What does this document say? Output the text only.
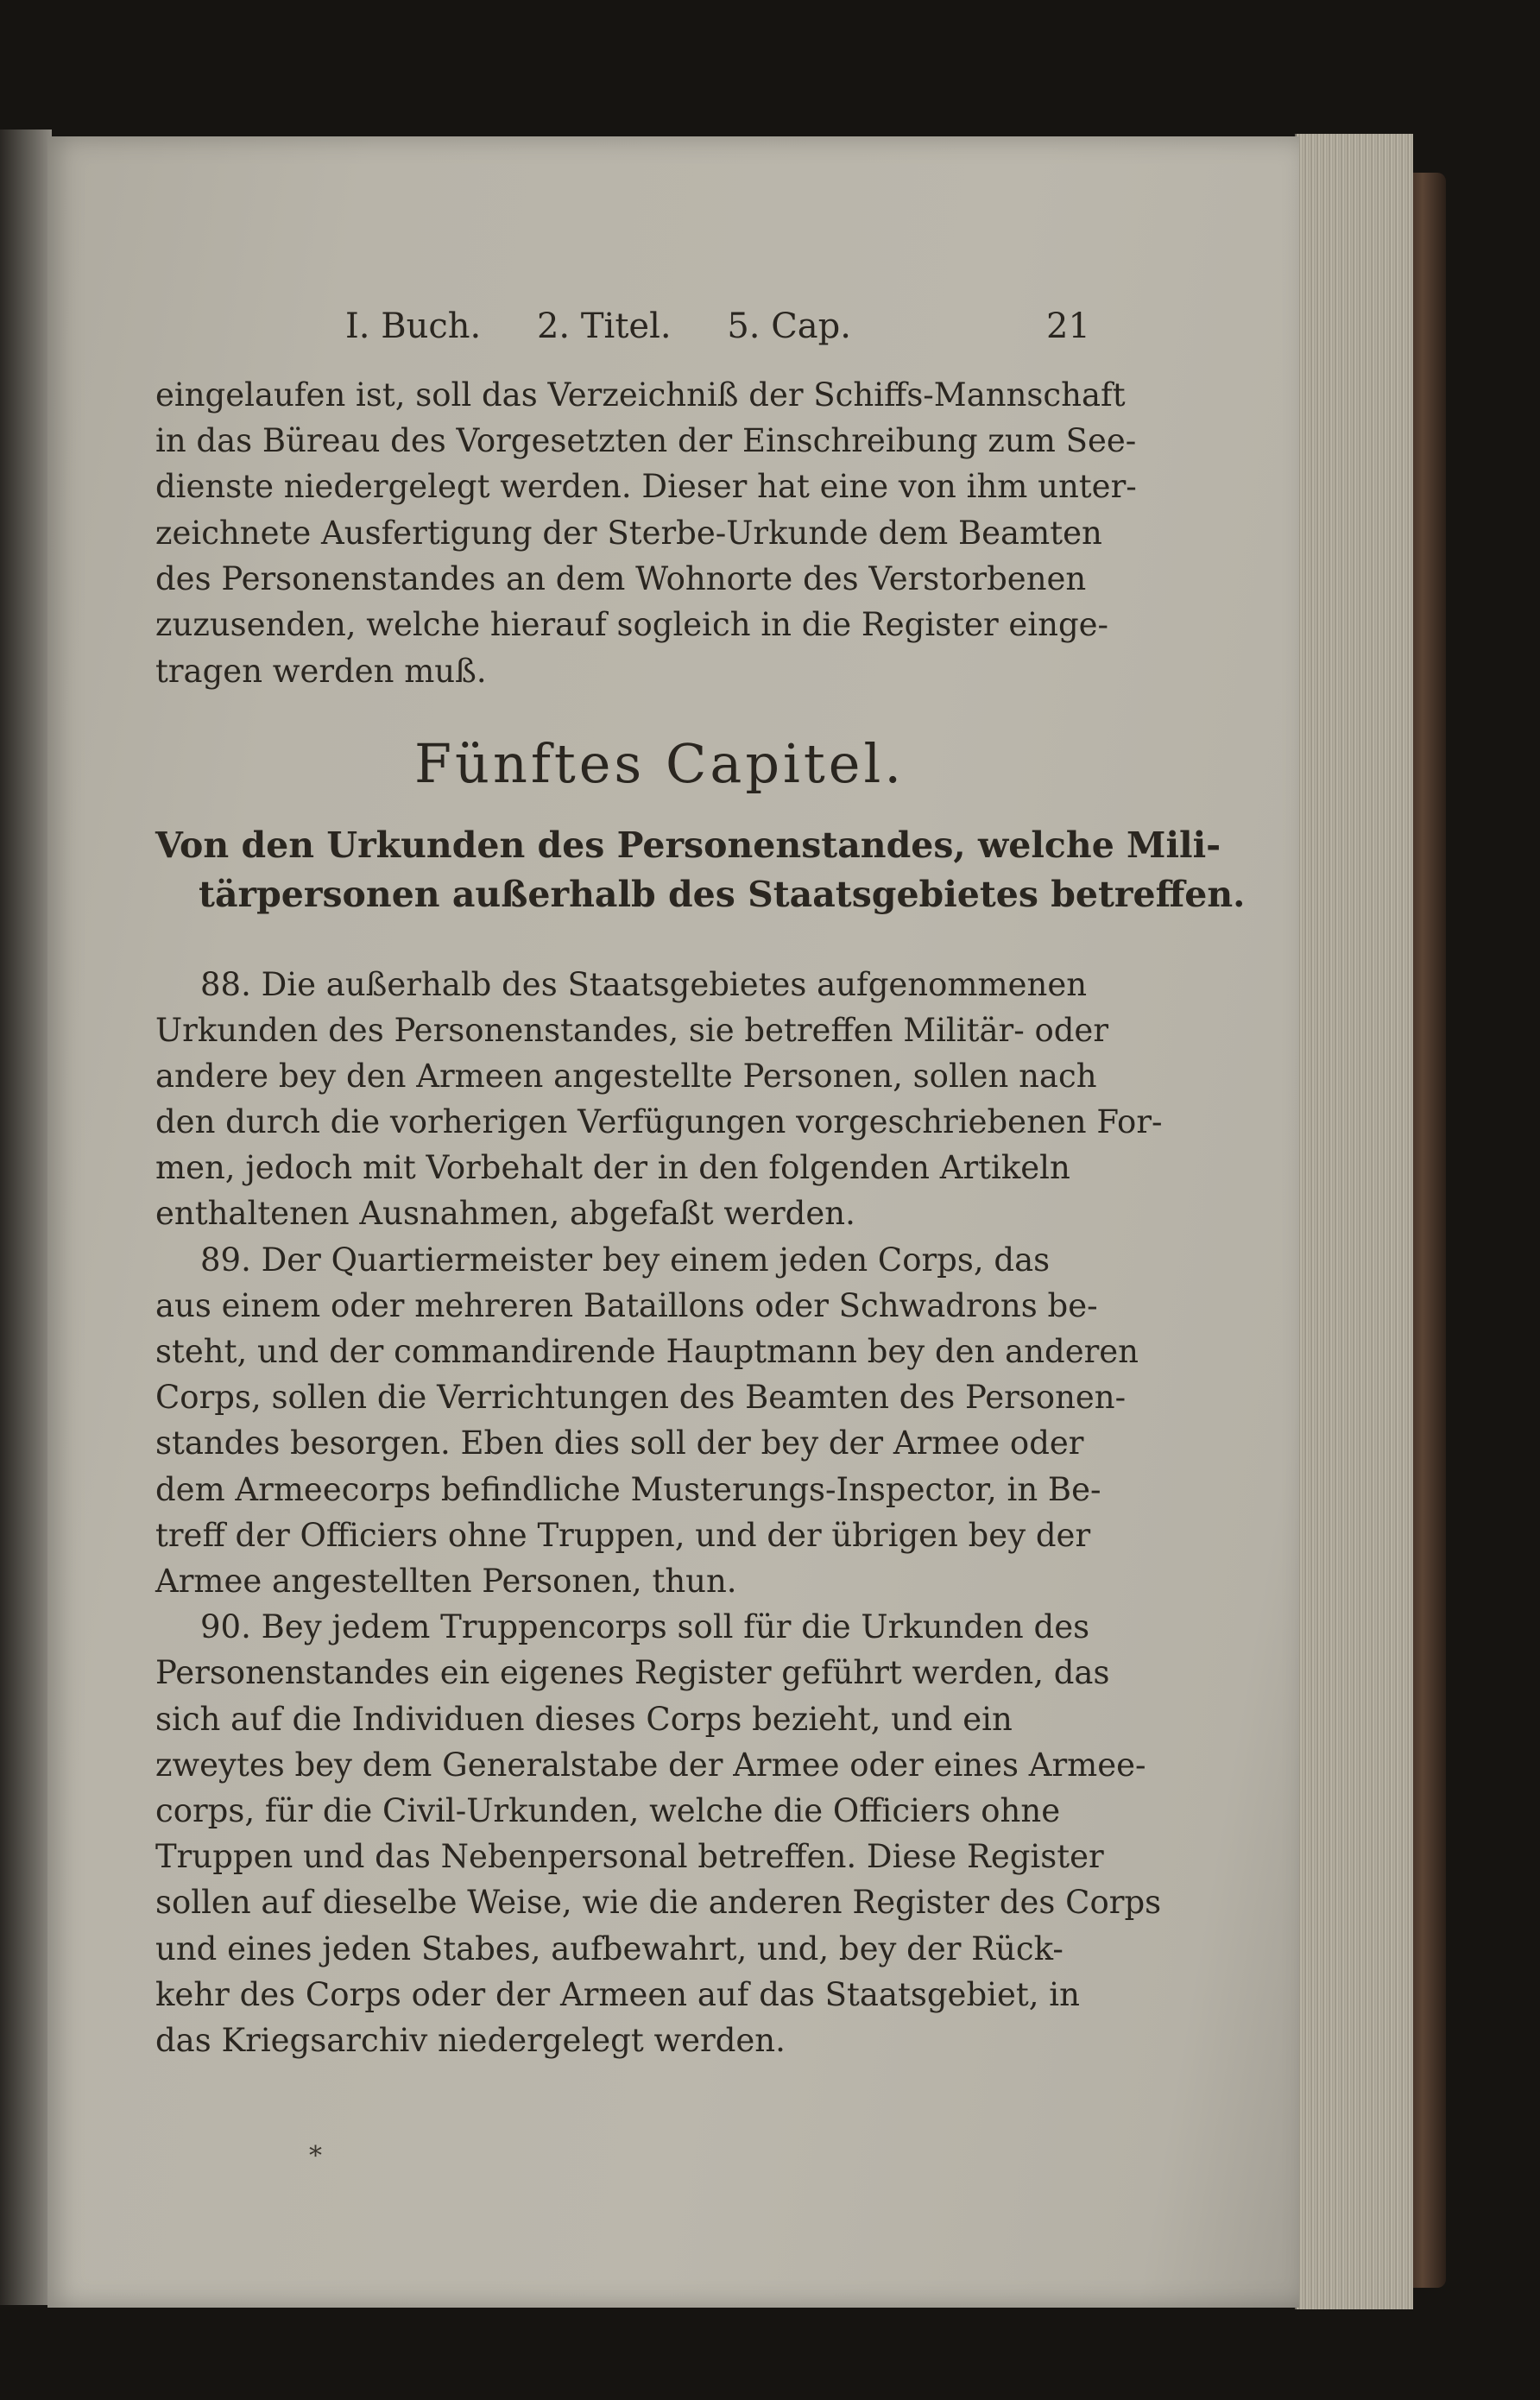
I. Buch. 2. Titel. 5. Cap.	21
eingelaufen ist, soll das Verzeichniß der Schiffs-Mannschaft
in das Büreau des Vorgesetzten der Einschreibung zum See-
dienste niedergelegt werden. Dieser hat eine von ihm unter-
zeichnete Ausfertigung der Sterbe-Urkunde dem Beamten
des Personenstandes an dem Wohnorte des Verstorbenen
zuzusenden, welche hierauf sogleich in die Register einge-
tragen werden muß.
Fünftes Capitel.
Von den Urkunden des Personenstandes, welche Mili-
tärpersonen außerhalb des Staatsgebietes betreffen.
88. Die außerhalb des Staatsgebietes aufgenommenen
Urkunden des Personenstandes, sie betreffen Militär- oder
andere bey den Armeen angestellte Personen, sollen nach
den durch die vorherigen Verfügungen vorgeschriebenen For-
men, jedoch mit Vorbehalt der in den folgenden Artikeln
enthaltenen Ausnahmen, abgefaßt werden.
89. Der Quartiermeister bey einem jeden Corps, das
aus einem oder mehreren Bataillons oder Schwadrons be-
steht, und der commandirende Hauptmann bey den anderen
Corps, sollen die Verrichtungen des Beamten des Personen-
standes besorgen. Eben dies soll der bey der Armee oder
dem Armeecorps befindliche Musterungs-Inspector, in Be-
treff der Officiers ohne Truppen, und der übrigen bey der
Armee angestellten Personen, thun.
90. Bey jedem Truppencorps soll für die Urkunden des
Personenstandes ein eigenes Register geführt werden, das
sich auf die Individuen dieses Corps bezieht, und ein
zweytes bey dem Generalstabe der Armee oder eines Armee-
corps, für die Civil-Urkunden, welche die Officiers ohne
Truppen und das Nebenpersonal betreffen. Diese Register
sollen auf dieselbe Weise, wie die anderen Register des Corps
und eines jeden Stabes, aufbewahrt, und, bey der Rück-
kehr des Corps oder der Armeen auf das Staatsgebiet, in
das Kriegsarchiv niedergelegt werden.
*
